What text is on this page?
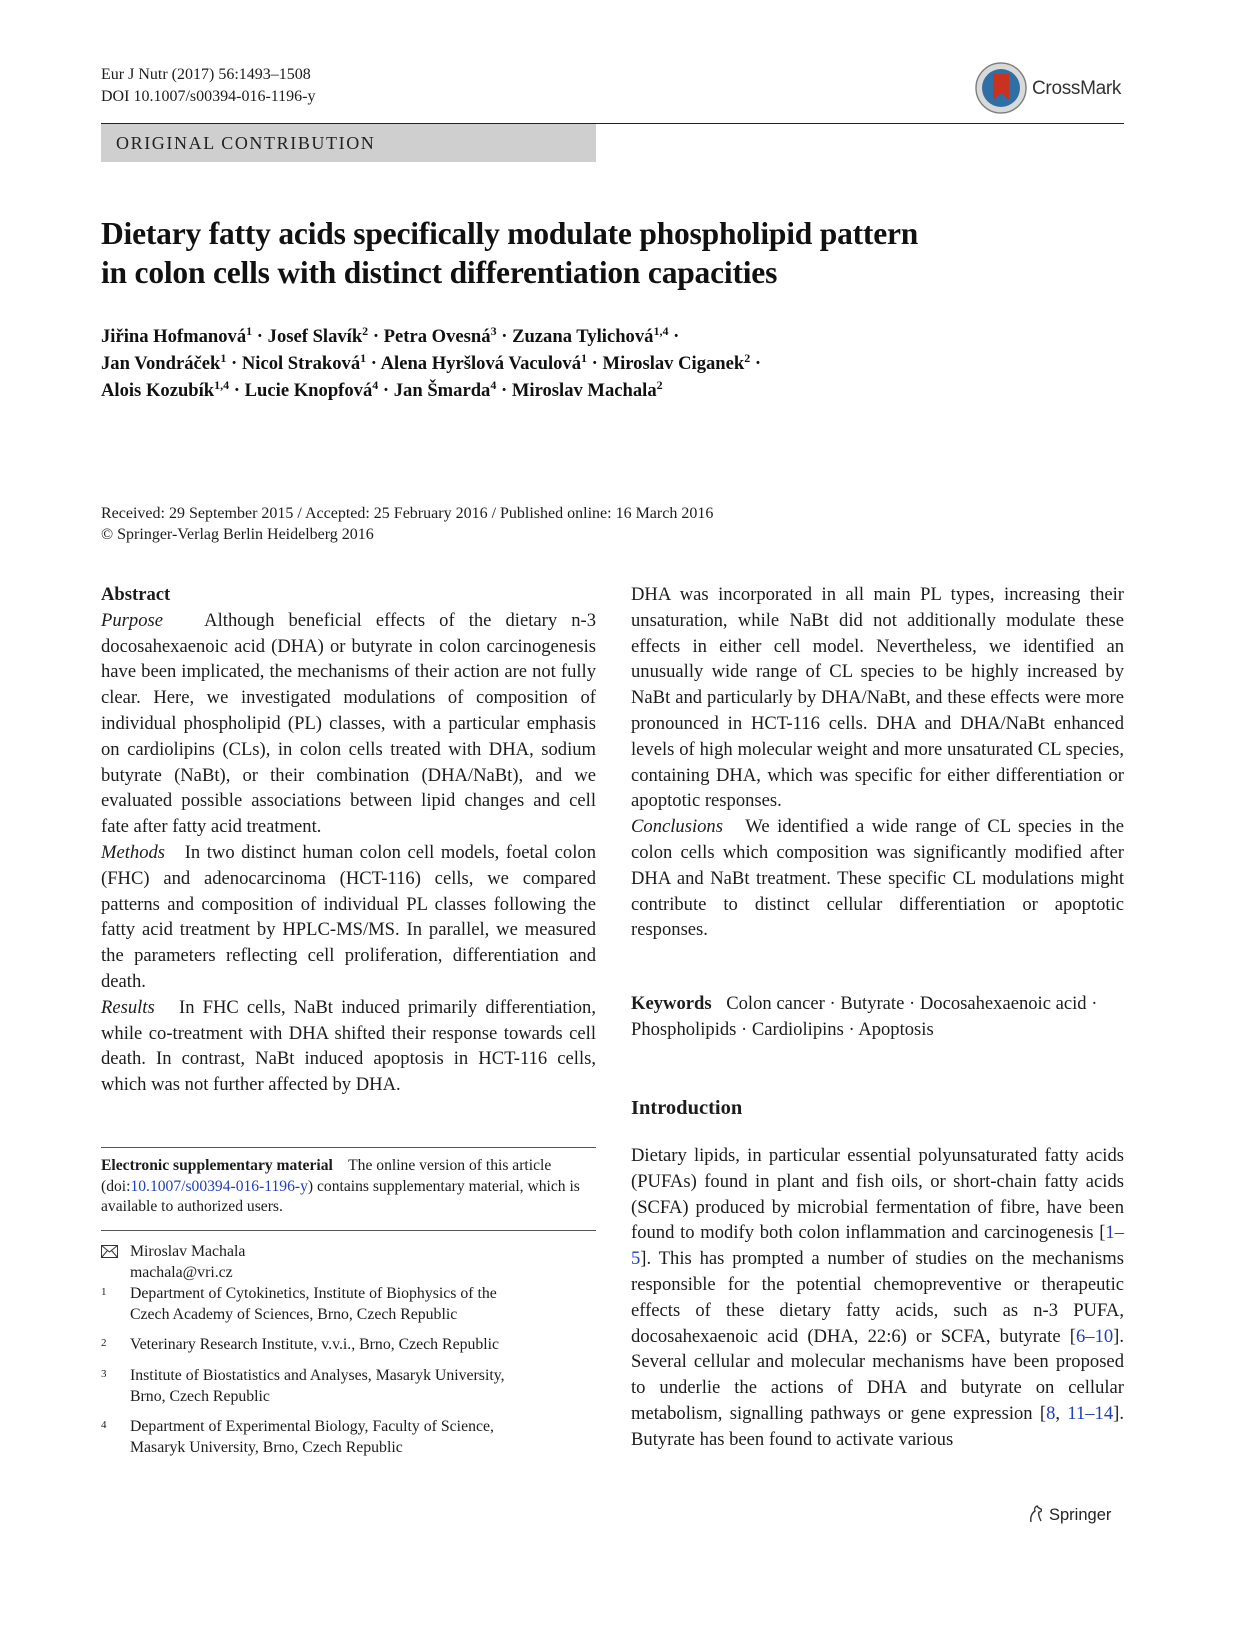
Eur J Nutr (2017) 56:1493–1508
DOI 10.1007/s00394-016-1196-y	CrossMark
ORIGINAL CONTRIBUTION
Dietary fatty acids specifically modulate phospholipid pattern
in colon cells with distinct differentiation capacities
Jiřina Hofmanová$^1$ · Josef Slavík$^2$ · Petra Ovesná$^3$ · Zuzana Tylichová$^{1,4}$ ·
Jan Vondráček$^1$ · Nicol Straková$^1$ · Alena Hyršlová Vaculová$^1$ · Miroslav Ciganek$^2$ ·
Alois Kozubík$^{1,4}$ · Lucie Knopfová$^4$ · Jan Šmarda$^4$ · Miroslav Machala$^2$
Received: 29 September 2015 / Accepted: 25 February 2016 / Published online: 16 March 2016
© Springer-Verlag Berlin Heidelberg 2016

Abstract

Purpose   Although beneficial effects of the dietary n-3 docosahexaenoic acid (DHA) or butyrate in colon carcinogenesis have been implicated, the mechanisms of their action are not fully clear. Here, we investigated modulations of composition of individual phospholipid (PL) classes, with a particular emphasis on cardiolipins (CLs), in colon cells treated with DHA, sodium butyrate (NaBt), or their combination (DHA/NaBt), and we evaluated possible associations between lipid changes and cell fate after fatty acid treatment.

Methods   In two distinct human colon cell models, foetal colon (FHC) and adenocarcinoma (HCT-116) cells, we compared patterns and composition of individual PL classes following the fatty acid treatment by HPLC-MS/MS. In parallel, we measured the parameters reflecting cell proliferation, differentiation and death.

Results   In FHC cells, NaBt induced primarily differentiation, while co-treatment with DHA shifted their response towards cell death. In contrast, NaBt induced apoptosis in HCT-116 cells, which was not further affected by DHA.

DHA was incorporated in all main PL types, increasing their unsaturation, while NaBt did not additionally modulate these effects in either cell model. Nevertheless, we identified an unusually wide range of CL species to be highly increased by NaBt and particularly by DHA/NaBt, and these effects were more pronounced in HCT-116 cells. DHA and DHA/NaBt enhanced levels of high molecular weight and more unsaturated CL species, containing DHA, which was specific for either differentiation or apoptotic responses.

Conclusions   We identified a wide range of CL species in the colon cells which composition was significantly modified after DHA and NaBt treatment. These specific CL modulations might contribute to distinct cellular differentiation or apoptotic responses.

Keywords Colon cancer · Butyrate · Docosahexaenoic acid · Phospholipids · Cardiolipins · Apoptosis
Introduction

Dietary lipids, in particular essential polyunsaturated fatty acids (PUFAs) found in plant and fish oils, or short-chain fatty acids (SCFA) produced by microbial fermentation of fibre, have been found to modify both colon inflammation and carcinogenesis [1–5]. This has prompted a number of studies on the mechanisms responsible for the potential chemopreventive or therapeutic effects of these dietary fatty acids, such as n-3 PUFA, docosahexaenoic acid (DHA, 22:6) or SCFA, butyrate [6–10]. Several cellular and molecular mechanisms have been proposed to underlie the actions of DHA and butyrate on cellular metabolism, signalling pathways or gene expression [8, 11–14]. Butyrate has been found to activate various

Electronic supplementary material The online version of this article (doi:10.1007/s00394-016-1196-y) contains supplementary material, which is available to authorized users.
Miroslav Machala
machala@vri.cz
1 Department of Cytokinetics, Institute of Biophysics of the
Czech Academy of Sciences, Brno, Czech Republic
2 Veterinary Research Institute, v.v.i., Brno, Czech Republic
3 Institute of Biostatistics and Analyses, Masaryk University,
Brno, Czech Republic
4 Department of Experimental Biology, Faculty of Science,
Masaryk University, Brno, Czech Republic
Springer
